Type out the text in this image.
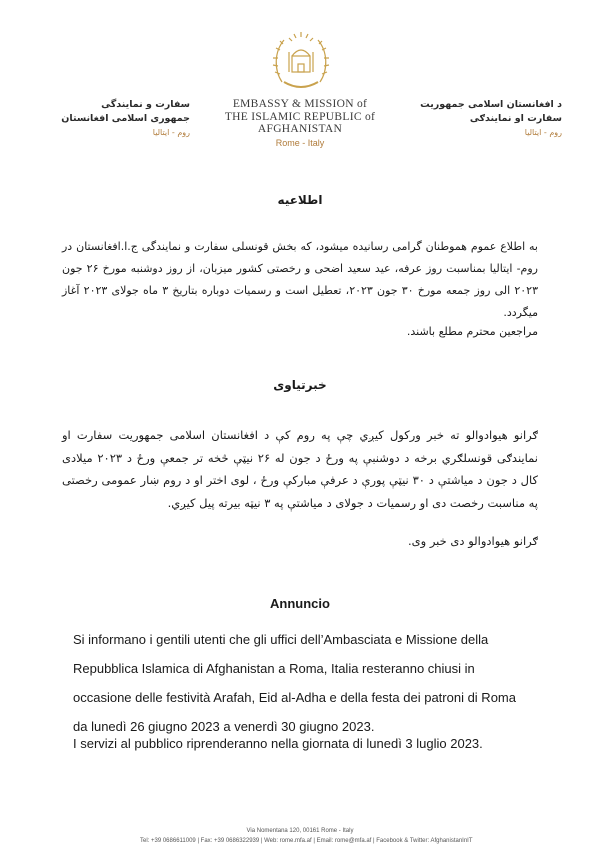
EMBASSY & MISSION of
THE ISLAMIC REPUBLIC of AFGHANISTAN
Rome - Italy
سفارت و نمایندگی
جمهوری اسلامی افغانستان
روم - ایتالیا
د افغانستان اسلامی جمهوریت
سفارت او نمایندګی
روم - ایتالیا
اطلاعیه
به اطلاع عموم هموطنان گرامی رسانیده میشود، که بخش قونسلی سفارت و نمایندگی ج.ا.افغانستان در روم- ایتالیا بمناسبت روز عرفه، عید سعید اضحی و رخصتی کشور میزبان، از روز دوشنبه مورخ ۲۶ جون ۲۰۲۳ الی روز جمعه مورخ ۳۰ جون ۲۰۲۳، تعطیل است و رسمیات دوباره بتاریخ ۳ ماه جولای ۲۰۲۳ آغاز میگردد.
مراجعین محترم مطلع باشند.
خبرتیاوی
ګرانو هیوادوالو ته خبر ورکول کیږي چې په روم کې د افغانستان اسلامی جمهوریت سفارت او نمایندګی قونسلګري برخه د دوشنبې په ورځ د جون له ۲۶ نیټې څخه تر جمعې ورځ د ۲۰۲۳ میلادی کال د جون د میاشتې د ۳۰ نیټې پورې د عرفې مبارکې ورځ ، لوی اختر او د روم ښار عمومی رخصتی په مناسبت رخصت دی او رسمیات د جولای د میاشتې په ۳ نیټه بیرته پیل کیږي.
ګرانو هیوادوالو دی خبر وی.
Annuncio
Si informano i gentili utenti che gli uffici dell’Ambasciata e Missione della Repubblica Islamica di Afghanistan a Roma, Italia resteranno chiusi in occasione delle festività Arafah, Eid al-Adha e della festa dei patroni di Roma da lunedì 26 giugno 2023 a venerdì 30 giugno 2023.
I servizi al pubblico riprenderanno nella giornata di lunedì 3 luglio 2023.
Via Nomentana 120, 00161 Rome - Italy
Tel: +39 0686611009 | Fax: +39 0686322939 | Web: rome.mfa.af | Email: rome@mfa.af | Facebook & Twitter: AfghanistanInIT
